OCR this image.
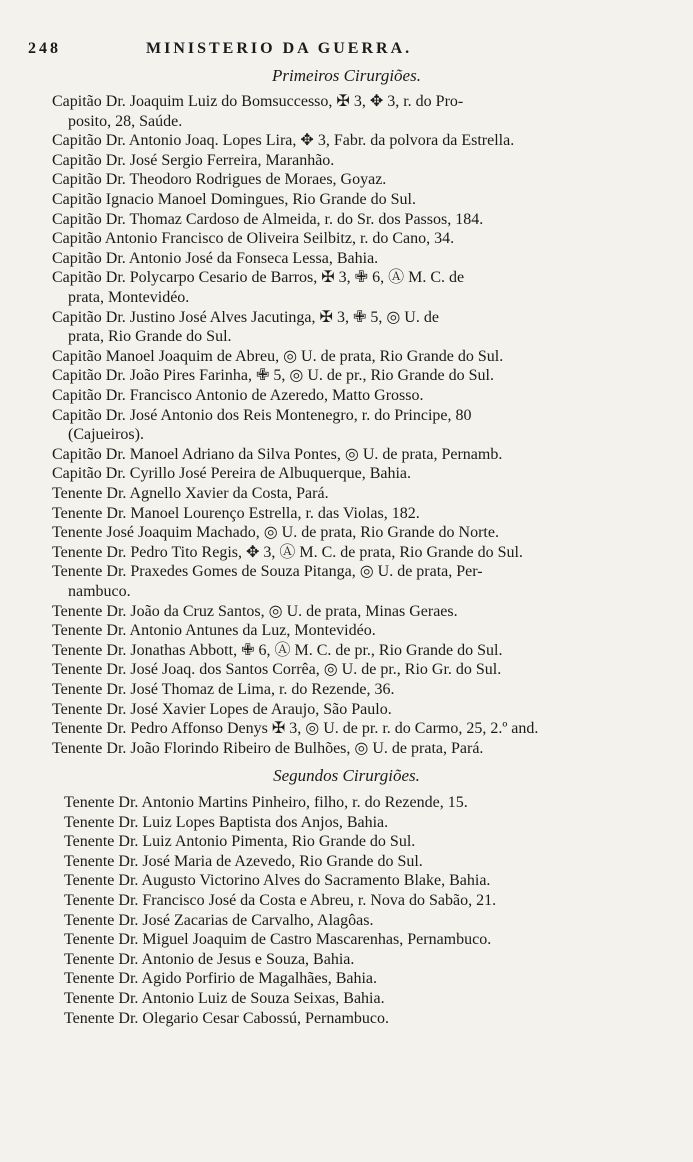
248	MINISTERIO DA GUERRA.
Primeiros Cirurgiões.
Segundos Cirurgiões.
Capitão Dr. Joaquim Luiz do Bomsuccesso, ✠ 3, ✥ 3, r. do Pro-
posito, 28, Saúde.
Capitão Dr. Antonio Joaq. Lopes Lira, ✥ 3, Fabr. da polvora da Estrella.
Capitão Dr. José Sergio Ferreira, Maranhão.
Capitão Dr. Theodoro Rodrigues de Moraes, Goyaz.
Capitão Ignacio Manoel Domingues, Rio Grande do Sul.
Capitão Dr. Thomaz Cardoso de Almeida, r. do Sr. dos Passos, 184.
Capitão Antonio Francisco de Oliveira Seilbitz, r. do Cano, 34.
Capitão Dr. Antonio José da Fonseca Lessa, Bahia.
Capitão Dr. Polycarpo Cesario de Barros, ✠ 3, ✙ 6, Ⓐ M. C. de
prata, Montevidéo.
Capitão Dr. Justino José Alves Jacutinga, ✠ 3, ✙ 5, ◎ U. de
prata, Rio Grande do Sul.
Capitão Manoel Joaquim de Abreu, ◎ U. de prata, Rio Grande do Sul.
Capitão Dr. João Pires Farinha, ✙ 5, ◎ U. de pr., Rio Grande do Sul.
Capitão Dr. Francisco Antonio de Azeredo, Matto Grosso.
Capitão Dr. José Antonio dos Reis Montenegro, r. do Principe, 80
(Cajueiros).
Capitão Dr. Manoel Adriano da Silva Pontes, ◎ U. de prata, Pernamb.
Capitão Dr. Cyrillo José Pereira de Albuquerque, Bahia.
Tenente Dr. Agnello Xavier da Costa, Pará.
Tenente Dr. Manoel Lourenço Estrella, r. das Violas, 182.
Tenente José Joaquim Machado, ◎ U. de prata, Rio Grande do Norte.
Tenente Dr. Pedro Tito Regis, ✥ 3, Ⓐ M. C. de prata, Rio Grande do Sul.
Tenente Dr. Praxedes Gomes de Souza Pitanga, ◎ U. de prata, Per-
nambuco.
Tenente Dr. João da Cruz Santos, ◎ U. de prata, Minas Geraes.
Tenente Dr. Antonio Antunes da Luz, Montevidéo.
Tenente Dr. Jonathas Abbott, ✙ 6, Ⓐ M. C. de pr., Rio Grande do Sul.
Tenente Dr. José Joaq. dos Santos Corrêa, ◎ U. de pr., Rio Gr. do Sul.
Tenente Dr. José Thomaz de Lima, r. do Rezende, 36.
Tenente Dr. José Xavier Lopes de Araujo, São Paulo.
Tenente Dr. Pedro Affonso Denys ✠ 3, ◎ U. de pr. r. do Carmo, 25, 2.º and.
Tenente Dr. João Florindo Ribeiro de Bulhões, ◎ U. de prata, Pará.
Tenente Dr. Antonio Martins Pinheiro, filho, r. do Rezende, 15.
Tenente Dr. Luiz Lopes Baptista dos Anjos, Bahia.
Tenente Dr. Luiz Antonio Pimenta, Rio Grande do Sul.
Tenente Dr. José Maria de Azevedo, Rio Grande do Sul.
Tenente Dr. Augusto Victorino Alves do Sacramento Blake, Bahia.
Tenente Dr. Francisco José da Costa e Abreu, r. Nova do Sabão, 21.
Tenente Dr. José Zacarias de Carvalho, Alagôas.
Tenente Dr. Miguel Joaquim de Castro Mascarenhas, Pernambuco.
Tenente Dr. Antonio de Jesus e Souza, Bahia.
Tenente Dr. Agido Porfirio de Magalhães, Bahia.
Tenente Dr. Antonio Luiz de Souza Seixas, Bahia.
Tenente Dr. Olegario Cesar Cabossú, Pernambuco.
